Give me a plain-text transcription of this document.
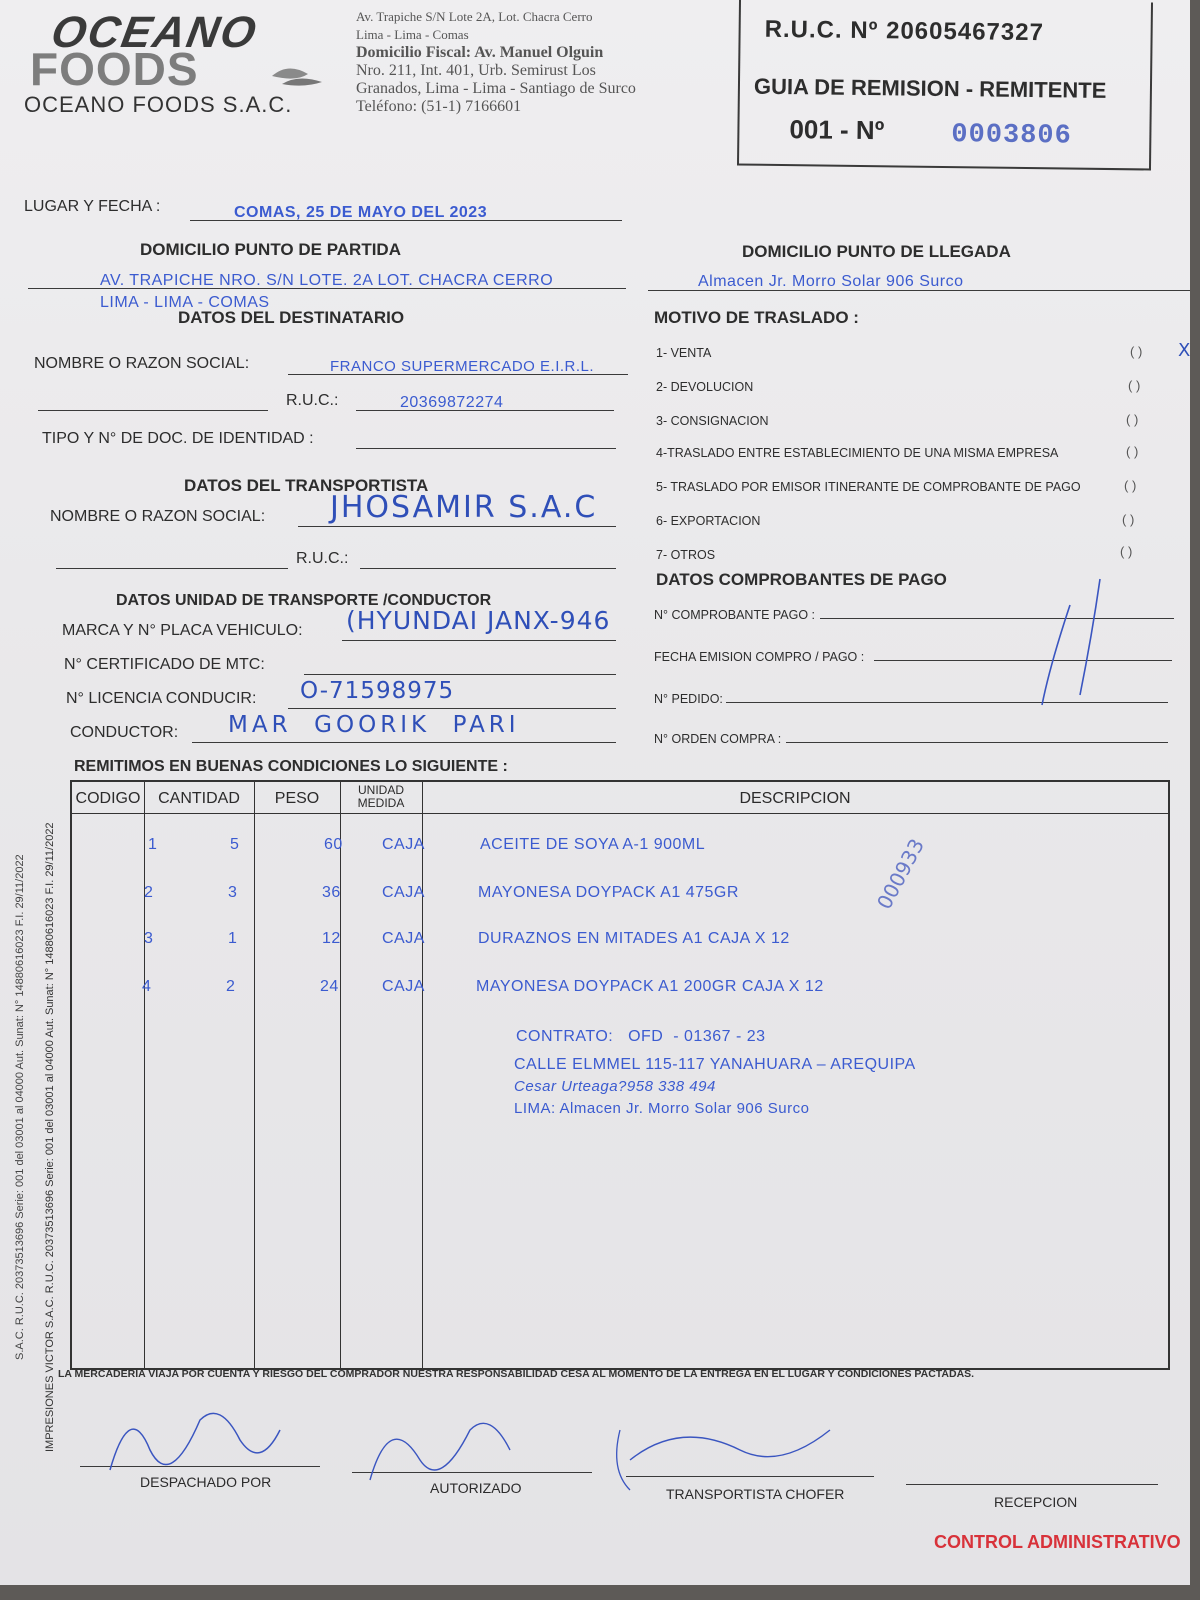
OCEANO
FOODS
OCEANO FOODS S.A.C.
Av. Trapiche S/N Lote 2A, Lot. Chacra Cerro
Lima - Lima - Comas
Domicilio Fiscal: Av. Manuel Olguin
Nro. 211, Int. 401, Urb. Semirust Los
Granados, Lima - Lima - Santiago de Surco
Teléfono: (51-1) 7166601
R.U.C. Nº 20605467327
GUIA DE REMISION - REMITENTE
001 - Nº 0003806
LUGAR Y FECHA :	COMAS, 25 DE MAYO DEL 2023
DOMICILIO PUNTO DE PARTIDA
AV. TRAPICHE NRO. S/N LOTE. 2A LOT. CHACRA CERRO
LIMA - LIMA - COMAS
DOMICILIO PUNTO DE LLEGADA
Almacen Jr. Morro Solar 906 Surco
DATOS DEL DESTINATARIO
NOMBRE O RAZON SOCIAL:	FRANCO SUPERMERCADO E.I.R.L.
R.U.C.:	20369872274
TIPO Y N° DE DOC. DE IDENTIDAD :
DATOS DEL TRANSPORTISTA
NOMBRE O RAZON SOCIAL: JHOSAMIR S.A.C
R.U.C.:
DATOS UNIDAD DE TRANSPORTE /CONDUCTOR
MARCA Y N° PLACA VEHICULO: (HYUNDAI JANX-946
N° CERTIFICADO DE MTC:
N° LICENCIA CONDUCIR: O-71598975
CONDUCTOR: MAR  GOORIK  PARI
MOTIVO DE TRASLADO :
1- VENTA	( ) X
2- DEVOLUCION	( )
3- CONSIGNACION	( )
4-TRASLADO ENTRE ESTABLECIMIENTO DE UNA MISMA EMPRESA	( )
5- TRASLADO POR EMISOR ITINERANTE DE COMPROBANTE DE PAGO	( )
6- EXPORTACION	( )
7- OTROS	( )
DATOS COMPROBANTES DE PAGO
N° COMPROBANTE PAGO :
FECHA EMISION COMPRO / PAGO :
N° PEDIDO:
N° ORDEN COMPRA :
REMITIMOS EN BUENAS CONDICIONES LO SIGUIENTE :
CODIGO	CANTIDAD	PESO	UNIDAD MEDIDA	DESCRIPCION
1	5	60 CAJA	ACEITE DE SOYA A-1 900ML
2	3	36	CAJA	MAYONESA DOYPACK A1 475GR
3	1	12	CAJA	DURAZNOS EN MITADES A1 CAJA X 12
4	2	24	CAJA	MAYONESA DOYPACK A1 200GR CAJA X 12
CONTRATO:   OFD  - 01367 - 23
CALLE ELMMEL 115-117 YANAHUARA – AREQUIPA
Cesar Urteaga?958 338 494
LIMA: Almacen Jr. Morro Solar 906 Surco
000933
LA MERCADERÍA VIAJA POR CUENTA Y RIESGO DEL COMPRADOR NUESTRA RESPONSABILIDAD CESA AL MOMENTO DE LA ENTREGA EN EL LUGAR Y CONDICIONES PACTADAS.
DESPACHADO POR	AUTORIZADO	TRANSPORTISTA CHOFER	RECEPCION
CONTROL ADMINISTRATIVO
IMPRESIONES VICTOR S.A.C. R.U.C. 20373513696 Serie: 001 del 03001 al 04000 Aut. Sunat: N° 14880616023 F.I. 29/11/2022
S.A.C. R.U.C. 20373513696 Serie: 001 del 03001 al 04000 Aut. Sunat: N° 14880616023 F.I. 29/11/2022
